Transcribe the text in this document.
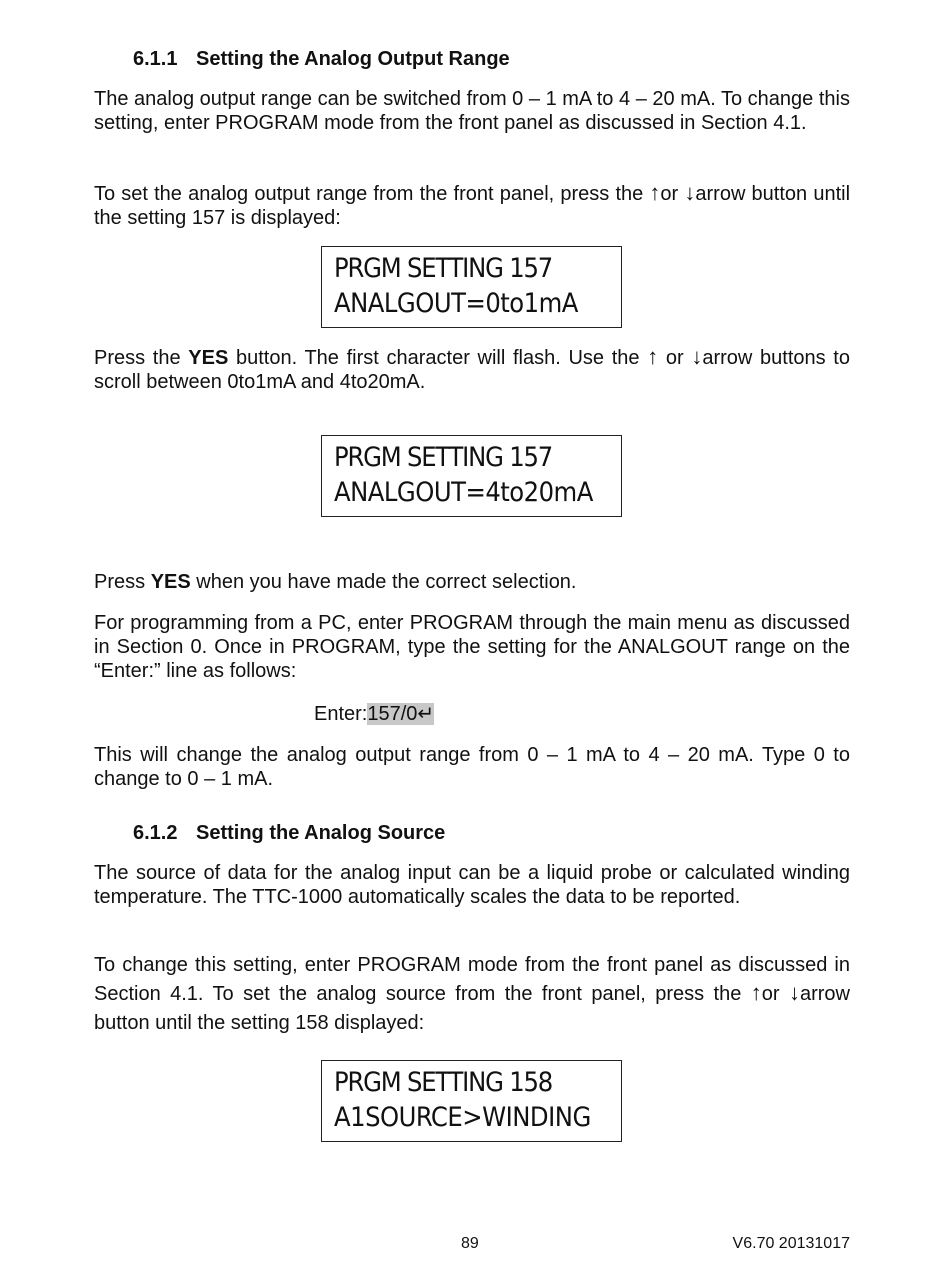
6.1.1 Setting the Analog Output Range

The analog output range can be switched from 0 – 1 mA to 4 – 20 mA. To change this setting, enter PROGRAM mode from the front panel as discussed in Section 4.1.

To set the analog output range from the front panel, press the ↑or ↓arrow button until the setting 157 is displayed:

PRGM SETTING 157
ANALGOUT=0to1mA

Press the YES button. The first character will flash. Use the ↑ or ↓arrow buttons to scroll between 0to1mA and 4to20mA.

PRGM SETTING 157
ANALGOUT=4to20mA

Press YES when you have made the correct selection.

For programming from a PC, enter PROGRAM through the main menu as discussed in Section 0. Once in PROGRAM, type the setting for the ANALGOUT range on the “Enter:” line as follows:

Enter:157/0↵

This will change the analog output range from 0 – 1 mA to 4 – 20 mA. Type 0 to change to 0 – 1 mA.

6.1.2 Setting the Analog Source

The source of data for the analog input can be a liquid probe or calculated winding temperature. The TTC-1000 automatically scales the data to be reported.

To change this setting, enter PROGRAM mode from the front panel as discussed in Section 4.1. To set the analog source from the front panel, press the ↑or ↓arrow button until the setting 158 displayed:

PRGM SETTING 158
A1SOURCE>WINDING
89	V6.70 20131017
